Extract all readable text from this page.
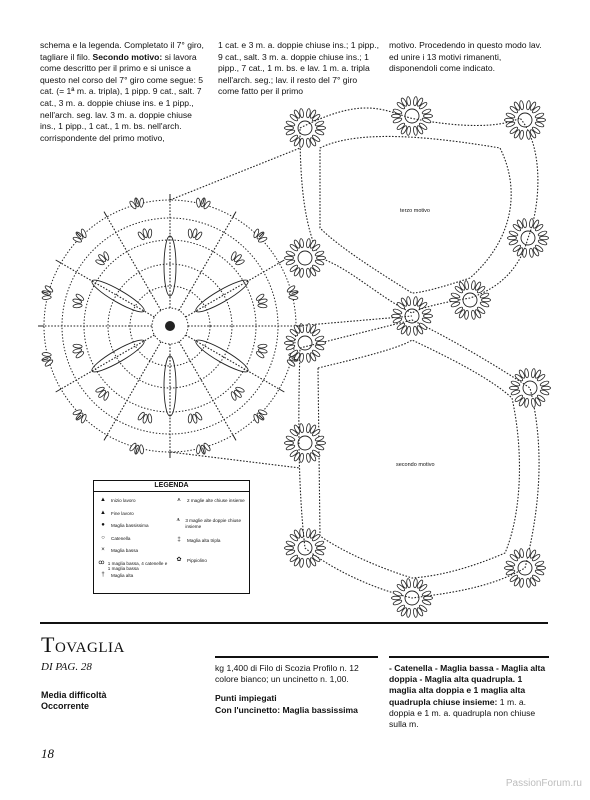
schema e la legenda. Completato il 7° giro, tagliare il filo. Secondo motivo: si lavora come descritto per il primo e si unisce a questo nel corso del 7° giro come segue: 5 cat. (= 1ª m. a. tripla), 1 pipp. 9 cat., salt. 7 cat., 3 m. a. doppie chiuse ins. e 1 pipp., nell'arch. seg. lav. 3 m. a. doppie chiuse ins., 1 pipp., 1 cat., 1 m. bs. nell'arch. corrispondente del primo motivo,

1 cat. e 3 m. a. doppie chiuse ins.; 1 pipp., 9 cat., salt. 3 m. a. doppie chiuse ins.; 1 pipp., 7 cat., 1 m. bs. e lav. 1 m. a. tripla nell'arch. seg.; lav. il resto del 7° giro come fatto per il primo

motivo. Procedendo in questo modo lav. ed unire i 13 motivi rimanenti, disponendoli come indicato.

terzo motivo
secondo motivo
LEGENDA
▲	Inizio lavoro
▲	Fine lavoro
●	Maglia bassissima
○	Catenella
×	Maglia bassa
ꝏ 1 maglia bassa, 4 catenelle e 1 maglia bassa
†	Maglia alta
⩚	2 maglie alte chiuse insieme
⩚	3 maglie alte doppie chiuse insieme
‡	Maglia alta tripla
✿	Pippiolino
Tovaglia
DI PAG. 28
Media difficoltà
Occorrente
kg 1,400 di Filo di Scozia Profilo n. 12 colore bianco; un uncinetto n. 1,00.
Punti impiegati
Con l'uncinetto: Maglia bassissima
- Catenella - Maglia bassa - Maglia alta doppia - Maglia alta quadrupla. 1 maglia alta doppia e 1 maglia alta quadrupla chiuse insieme: 1 m. a. doppia e 1 m. a. quadrupla non chiuse sulla m.
18
PassionForum.ru
